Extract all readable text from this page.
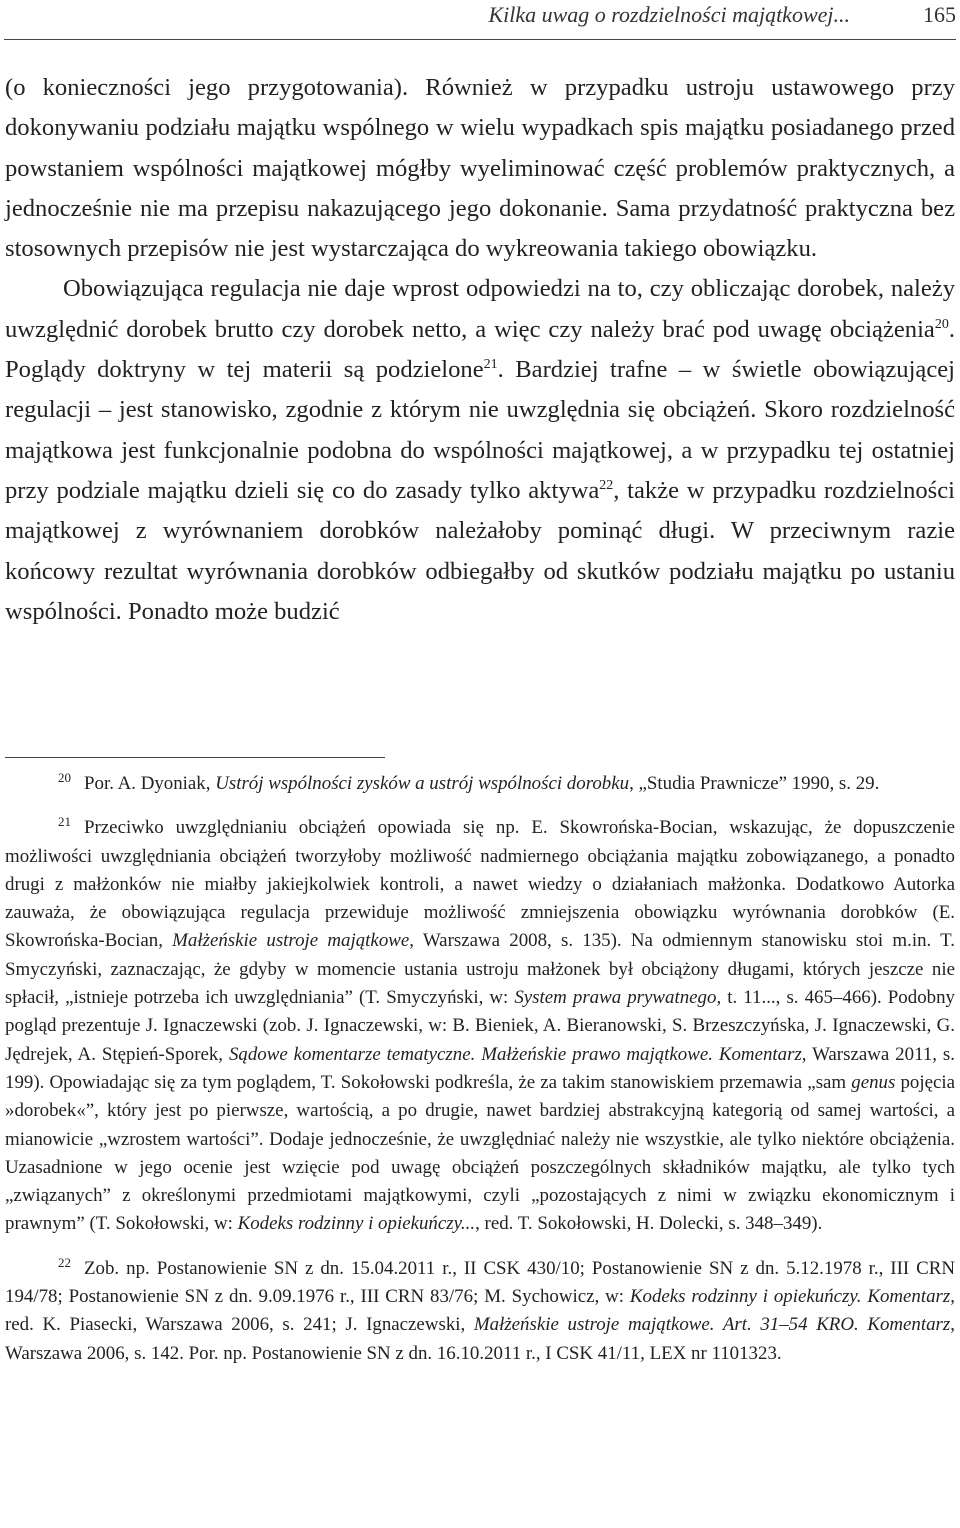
Kilka uwag o rozdzielności majątkowej...	165

(o konieczności jego przygotowania). Również w przypadku ustroju ustawowego przy dokonywaniu podziału majątku wspólnego w wielu wypadkach spis majątku posiadanego przed powstaniem wspólności majątkowej mógłby wyeliminować część problemów praktycznych, a jednocześnie nie ma przepisu nakazującego jego dokonanie. Sama przydatność praktyczna bez stosownych przepisów nie jest wystarczająca do wykreowania takiego obowiązku.

Obowiązująca regulacja nie daje wprost odpowiedzi na to, czy obliczając dorobek, należy uwzględnić dorobek brutto czy dorobek netto, a więc czy należy brać pod uwagę obciążenia$^{20}$. Poglądy doktryny w tej materii są podzielone$^{21}$. Bardziej trafne – w świetle obowiązującej regulacji – jest stanowisko, zgodnie z którym nie uwzględnia się obciążeń. Skoro rozdzielność majątkowa jest funkcjonalnie podobna do wspólności majątkowej, a w przypadku tej ostatniej przy podziale majątku dzieli się co do zasady tylko aktywa$^{22}$, także w przypadku rozdzielności majątkowej z wyrównaniem dorobków należałoby pominąć długi. W przeciwnym razie końcowy rezultat wyrównania dorobków odbiegałby od skutków podziału majątku po ustaniu wspólności. Ponadto może budzić

$^{20}$ Por. A. Dyoniak, Ustrój wspólności zysków a ustrój wspólności dorobku, „Studia Prawnicze” 1990, s. 29.

$^{21}$ Przeciwko uwzględnianiu obciążeń opowiada się np. E. Skowrońska-Bocian, wskazując, że dopuszczenie możliwości uwzględniania obciążeń tworzyłoby możliwość nadmiernego obciążania majątku zobowiązanego, a ponadto drugi z małżonków nie miałby jakiejkolwiek kontroli, a nawet wiedzy o działaniach małżonka. Dodatkowo Autorka zauważa, że obowiązująca regulacja przewiduje możliwość zmniejszenia obowiązku wyrównania dorobków (E. Skowrońska-Bocian, Małżeńskie ustroje majątkowe, Warszawa 2008, s. 135). Na odmiennym stanowisku stoi m.in. T. Smyczyński, zaznaczając, że gdyby w momencie ustania ustroju małżonek był obciążony długami, których jeszcze nie spłacił, „istnieje potrzeba ich uwzględniania” (T. Smyczyński, w: System prawa prywatnego, t. 11..., s. 465–466). Podobny pogląd prezentuje J. Ignaczewski (zob. J. Ignaczewski, w: B. Bieniek, A. Bieranowski, S. Brzeszczyńska, J. Ignaczewski, G. Jędrejek, A. Stępień-Sporek, Sądowe komentarze tematyczne. Małżeńskie prawo majątkowe. Komentarz, Warszawa 2011, s. 199). Opowiadając się za tym poglądem, T. Sokołowski podkreśla, że za takim stanowiskiem przemawia „sam genus pojęcia »dorobek«”, który jest po pierwsze, wartością, a po drugie, nawet bardziej abstrakcyjną kategorią od samej wartości, a mianowicie „wzrostem wartości”. Dodaje jednocześnie, że uwzględniać należy nie wszystkie, ale tylko niektóre obciążenia. Uzasadnione w jego ocenie jest wzięcie pod uwagę obciążeń poszczególnych składników majątku, ale tylko tych „związanych” z określonymi przedmiotami majątkowymi, czyli „pozostających z nimi w związku ekonomicznym i prawnym” (T. Sokołowski, w: Kodeks rodzinny i opiekuńczy..., red. T. Sokołowski, H. Dolecki, s. 348–349).

$^{22}$ Zob. np. Postanowienie SN z dn. 15.04.2011 r., II CSK 430/10; Postanowienie SN z dn. 5.12.1978 r., III CRN 194/78; Postanowienie SN z dn. 9.09.1976 r., III CRN 83/76; M. Sychowicz, w: Kodeks rodzinny i opiekuńczy. Komentarz, red. K. Piasecki, Warszawa 2006, s. 241; J. Ignaczewski, Małżeńskie ustroje majątkowe. Art. 31–54 KRO. Komentarz, Warszawa 2006, s. 142. Por. np. Postanowienie SN z dn. 16.10.2011 r., I CSK 41/11, LEX nr 1101323.
